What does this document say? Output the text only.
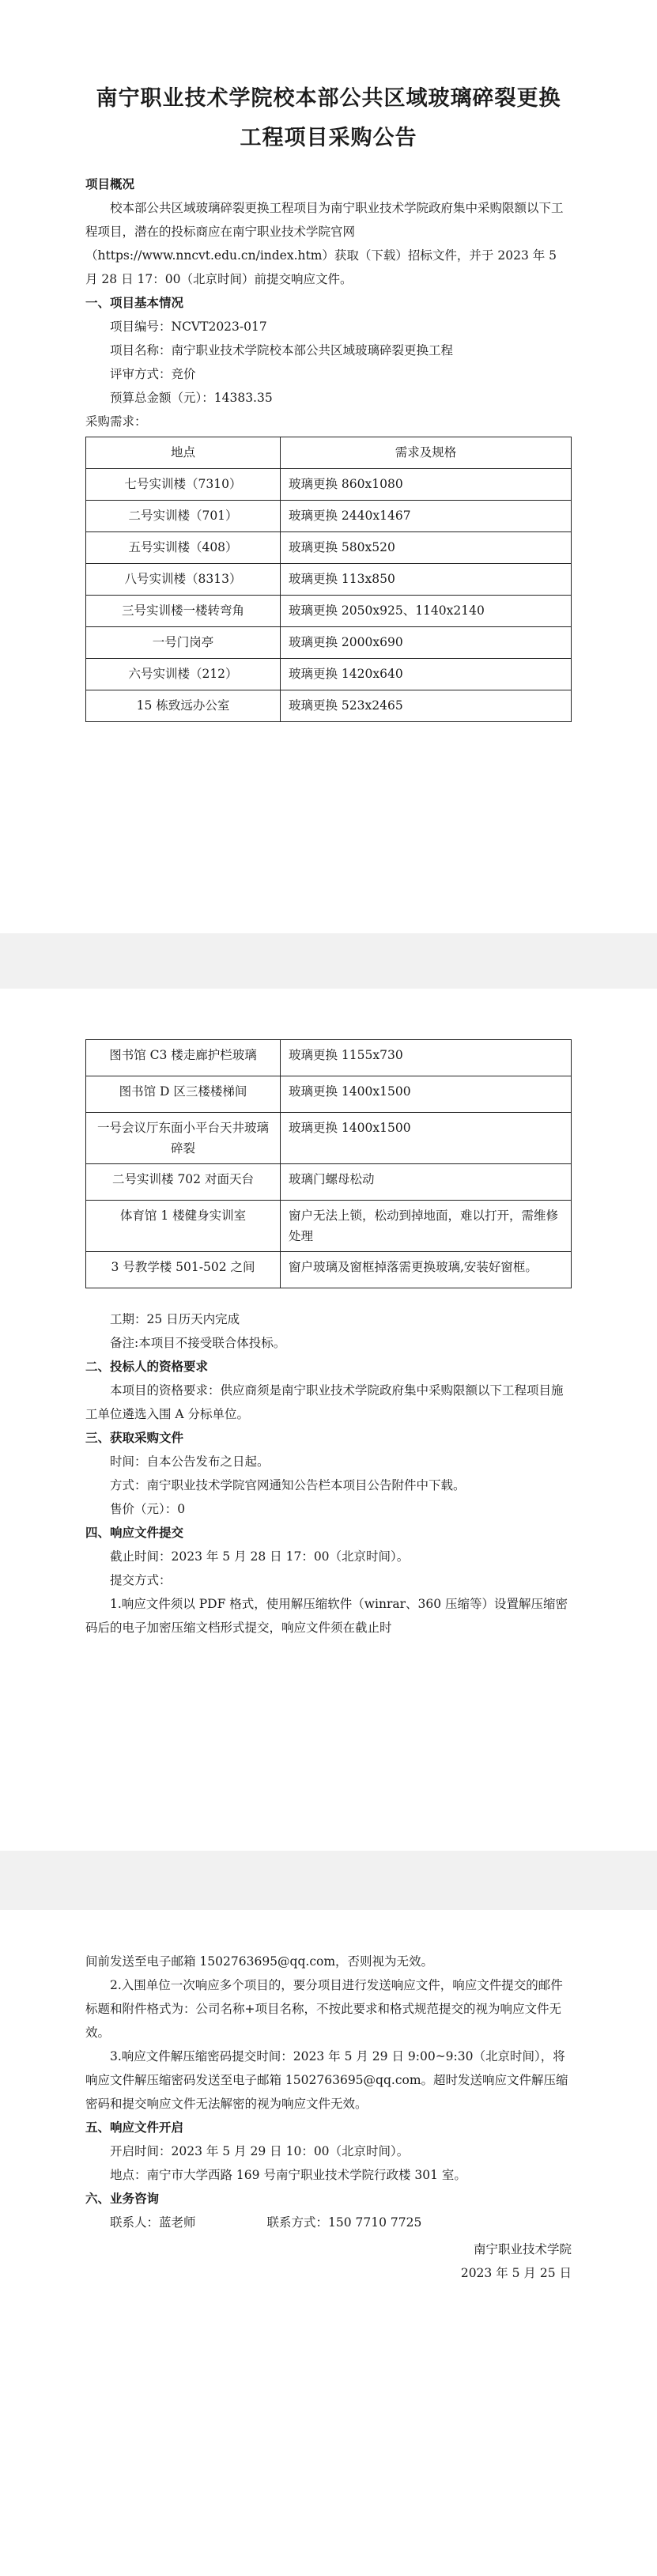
南宁职业技术学院校本部公共区域玻璃碎裂更换工程项目采购公告

项目概况

校本部公共区域玻璃碎裂更换工程项目为南宁职业技术学院政府集中采购限额以下工程项目，潜在的投标商应在南宁职业技术学院官网（https://www.nncvt.edu.cn/index.htm）获取（下载）招标文件，并于 2023 年 5 月 28 日 17：00（北京时间）前提交响应文件。

一、项目基本情况

项目编号：NCVT2023-017

项目名称：南宁职业技术学院校本部公共区域玻璃碎裂更换工程

评审方式：竞价

预算总金额（元）：14383.35

采购需求：

地点	需求及规格
七号实训楼（7310）	玻璃更换 860x1080
二号实训楼（701）	玻璃更换 2440x1467
五号实训楼（408）	玻璃更换 580x520
八号实训楼（8313）	玻璃更换 113x850
三号实训楼一楼转弯角	玻璃更换 2050x925、1140x2140
一号门岗亭	玻璃更换 2000x690
六号实训楼（212）	玻璃更换 1420x640
15 栋致远办公室	玻璃更换 523x2465
图书馆 C3 楼走廊护栏玻璃	玻璃更换 1155x730
图书馆 D 区三楼楼梯间	玻璃更换 1400x1500
一号会议厅东面小平台天井玻璃碎裂	玻璃更换 1400x1500
二号实训楼 702 对面天台	玻璃门螺母松动
体育馆 1 楼健身实训室	窗户无法上锁，松动到掉地面，难以打开，需维修处理
3 号教学楼 501-502 之间	窗户玻璃及窗框掉落需更换玻璃,安装好窗框。

工期：25 日历天内完成

备注:本项目不接受联合体投标。

二、投标人的资格要求

本项目的资格要求：供应商须是南宁职业技术学院政府集中采购限额以下工程项目施工单位遴选入围 A 分标单位。

三、获取采购文件

时间：自本公告发布之日起。

方式：南宁职业技术学院官网通知公告栏本项目公告附件中下载。

售价（元）：0

四、响应文件提交

截止时间：2023 年 5 月 28 日 17：00（北京时间）。

提交方式：

1.响应文件须以 PDF 格式，使用解压缩软件（winrar、360 压缩等）设置解压缩密码后的电子加密压缩文档形式提交，响应文件须在截止时

间前发送至电子邮箱 1502763695@qq.com，否则视为无效。

2.入围单位一次响应多个项目的，要分项目进行发送响应文件，响应文件提交的邮件标题和附件格式为：公司名称+项目名称，不按此要求和格式规范提交的视为响应文件无效。

3.响应文件解压缩密码提交时间：2023 年 5 月 29 日 9:00~9:30（北京时间），将响应文件解压缩密码发送至电子邮箱 1502763695@qq.com。超时发送响应文件解压缩密码和提交响应文件无法解密的视为响应文件无效。

五、响应文件开启

开启时间：2023 年 5 月 29 日 10：00（北京时间）。

地点：南宁市大学西路 169 号南宁职业技术学院行政楼 301 室。

六、业务咨询

联系人：蓝老师	联系方式：150 7710 7725

南宁职业技术学院

2023 年 5 月 25 日
